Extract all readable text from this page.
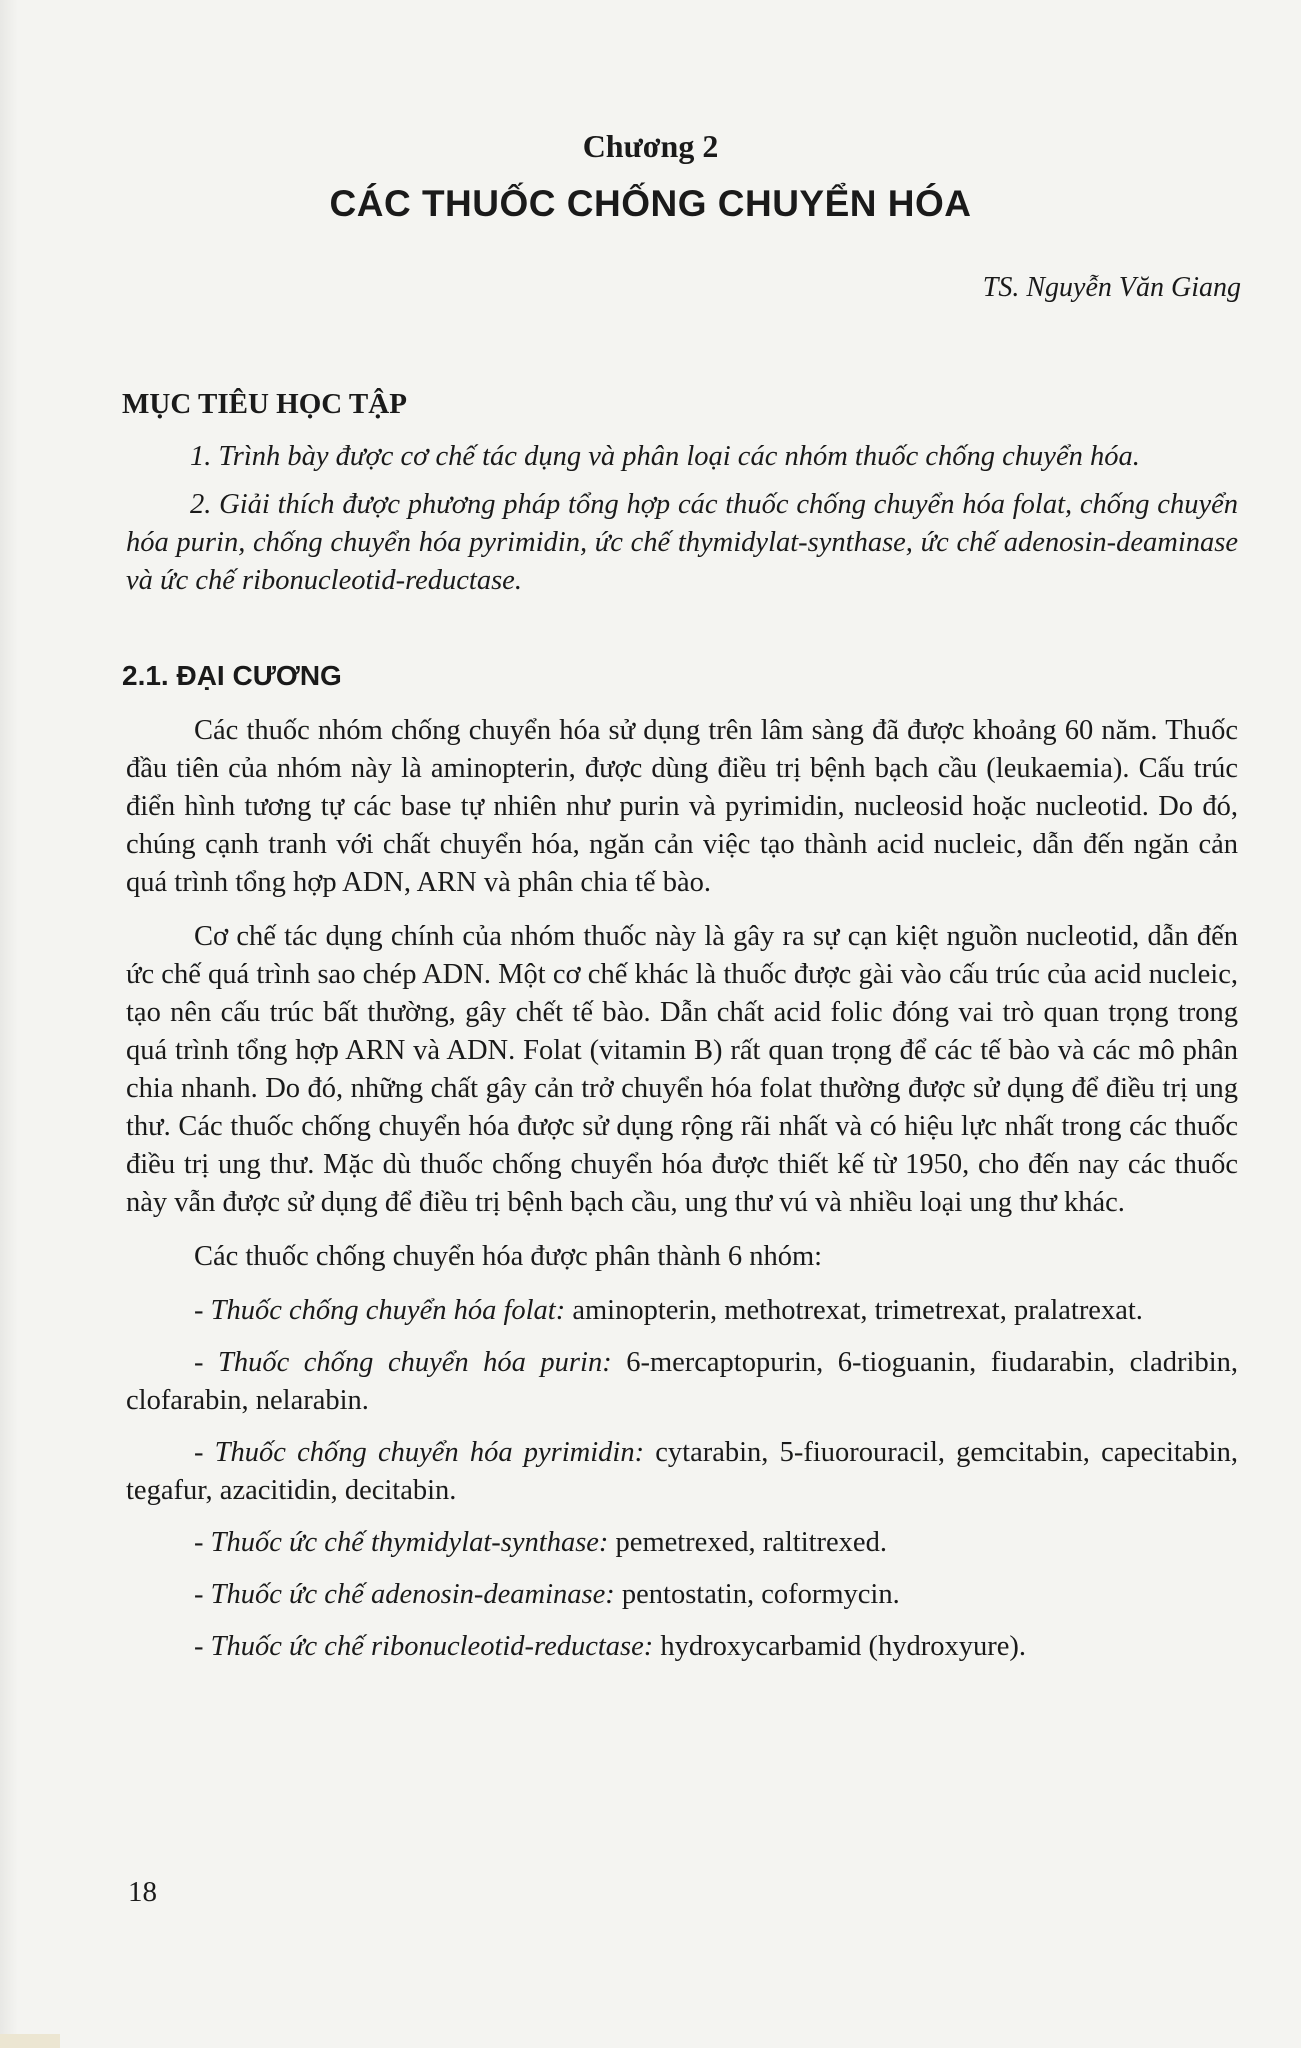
Chương 2
CÁC THUỐC CHỐNG CHUYỂN HÓA
TS. Nguyễn Văn Giang
MỤC TIÊU HỌC TẬP

1. Trình bày được cơ chế tác dụng và phân loại các nhóm thuốc chống chuyển hóa.

2. Giải thích được phương pháp tổng hợp các thuốc chống chuyển hóa folat, chống chuyển hóa purin, chống chuyển hóa pyrimidin, ức chế thymidylat-synthase, ức chế adenosin-deaminase và ức chế ribonucleotid-reductase.

2.1. ĐẠI CƯƠNG

Các thuốc nhóm chống chuyển hóa sử dụng trên lâm sàng đã được khoảng 60 năm. Thuốc đầu tiên của nhóm này là aminopterin, được dùng điều trị bệnh bạch cầu (leukaemia). Cấu trúc điển hình tương tự các base tự nhiên như purin và pyrimidin, nucleosid hoặc nucleotid. Do đó, chúng cạnh tranh với chất chuyển hóa, ngăn cản việc tạo thành acid nucleic, dẫn đến ngăn cản quá trình tổng hợp ADN, ARN và phân chia tế bào.

Cơ chế tác dụng chính của nhóm thuốc này là gây ra sự cạn kiệt nguồn nucleotid, dẫn đến ức chế quá trình sao chép ADN. Một cơ chế khác là thuốc được gài vào cấu trúc của acid nucleic, tạo nên cấu trúc bất thường, gây chết tế bào. Dẫn chất acid folic đóng vai trò quan trọng trong quá trình tổng hợp ARN và ADN. Folat (vitamin B) rất quan trọng để các tế bào và các mô phân chia nhanh. Do đó, những chất gây cản trở chuyển hóa folat thường được sử dụng để điều trị ung thư. Các thuốc chống chuyển hóa được sử dụng rộng rãi nhất và có hiệu lực nhất trong các thuốc điều trị ung thư. Mặc dù thuốc chống chuyển hóa được thiết kế từ 1950, cho đến nay các thuốc này vẫn được sử dụng để điều trị bệnh bạch cầu, ung thư vú và nhiều loại ung thư khác.

Các thuốc chống chuyển hóa được phân thành 6 nhóm:

- Thuốc chống chuyển hóa folat: aminopterin, methotrexat, trimetrexat, pralatrexat.

- Thuốc chống chuyển hóa purin: 6-mercaptopurin, 6-tioguanin, fiudarabin, cladribin, clofarabin, nelarabin.

- Thuốc chống chuyển hóa pyrimidin: cytarabin, 5-fiuorouracil, gemcitabin, capecitabin, tegafur, azacitidin, decitabin.

- Thuốc ức chế thymidylat-synthase: pemetrexed, raltitrexed.

- Thuốc ức chế adenosin-deaminase: pentostatin, coformycin.

- Thuốc ức chế ribonucleotid-reductase: hydroxycarbamid (hydroxyure).

18
